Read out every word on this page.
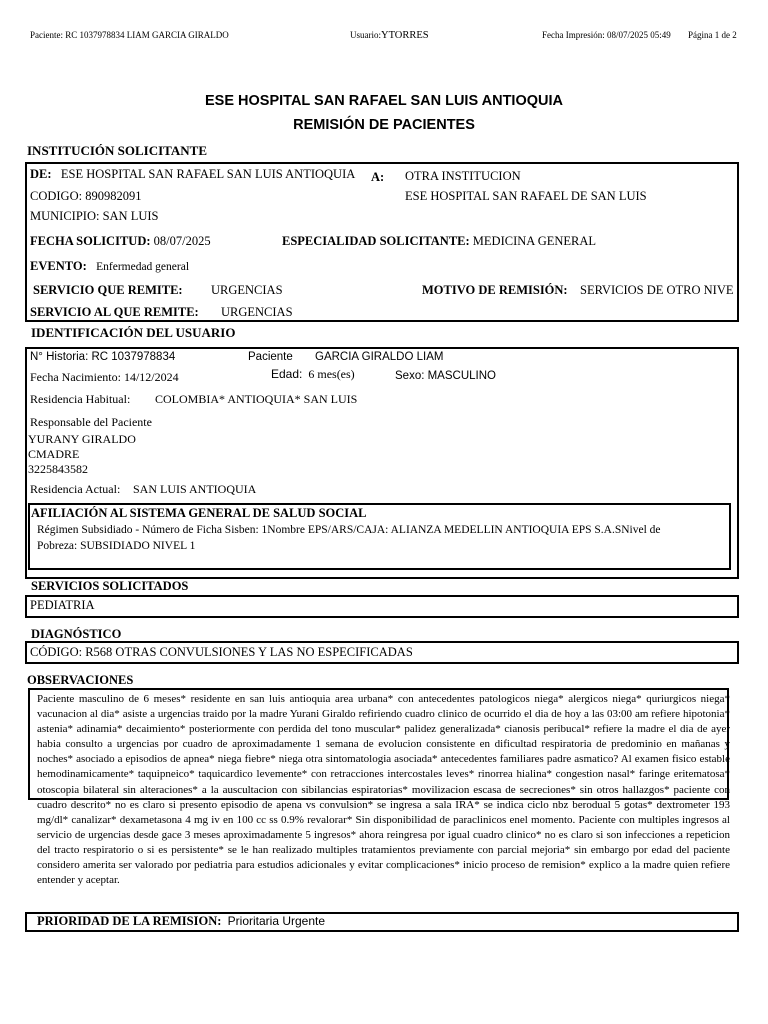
Paciente: RC 1037978834 LIAM GARCIA GIRALDO	Usuario:YTORRES	Fecha Impresión: 08/07/2025 05:49 Página 1 de 2
ESE HOSPITAL SAN RAFAEL SAN LUIS ANTIOQUIA
REMISIÓN DE PACIENTES
INSTITUCIÓN SOLICITANTE
DE: ESE HOSPITAL SAN RAFAEL SAN LUIS ANTIOQUIA A: OTRA INSTITUCION
CODIGO: 890982091	ESE HOSPITAL SAN RAFAEL DE SAN LUIS
MUNICIPIO: SAN LUIS
FECHA SOLICITUD: 08/07/2025	ESPECIALIDAD SOLICITANTE: MEDICINA GENERAL
EVENTO: Enfermedad general
SERVICIO QUE REMITE: URGENCIAS	MOTIVO DE REMISIÓN: SERVICIOS DE OTRO NIVE
SERVICIO AL QUE REMITE: URGENCIAS
IDENTIFICACIÓN DEL USUARIO
N° Historia: RC 1037978834	Paciente GARCIA GIRALDO LIAM
Fecha Nacimiento: 14/12/2024	Edad: 6 mes(es)	Sexo: MASCULINO
Residencia Habitual: COLOMBIA* ANTIOQUIA* SAN LUIS
Responsable del Paciente
YURANY GIRALDO
CMADRE
3225843582
Residencia Actual: SAN LUIS ANTIOQUIA
AFILIACIÓN AL SISTEMA GENERAL DE SALUD SOCIAL
Régimen Subsidiado - Número de Ficha Sisben: 1Nombre EPS/ARS/CAJA: ALIANZA MEDELLIN ANTIOQUIA EPS S.A.SNivel de
Pobreza: SUBSIDIADO NIVEL 1
SERVICIOS SOLICITADOS
PEDIATRIA
DIAGNÓSTICO
CÓDIGO: R568 OTRAS CONVULSIONES Y LAS NO ESPECIFICADAS
OBSERVACIONES
Paciente masculino de 6 meses* residente en san luis antioquia area urbana* con antecedentes patologicos niega* alergicos niega* quriurgicos niega* vacunacion al dia* asiste a urgencias traido por la madre Yurani Giraldo refiriendo cuadro clinico de ocurrido el dia de hoy a las 03:00 am refiere hipotonia* astenia* adinamia* decaimiento* posteriormente con perdida del tono muscular* palidez generalizada* cianosis peribucal* refiere la madre el dia de ayer habia consulto a urgencias por cuadro de aproximadamente 1 semana de evolucion consistente en dificultad respiratoria de predominio en mañanas y noches* asociado a episodios de apnea* niega fiebre* niega otra sintomatologia asociada* antecedentes familiares padre asmatico? Al examen fisico estable hemodinamicamente* taquipneico* taquicardico levemente* con retracciones intercostales leves* rinorrea hialina* congestion nasal* faringe eritematosa* otoscopia bilateral sin alteraciones* a la auscultacion con sibilancias espiratorias* movilizacion escasa de secreciones* sin otros hallazgos* paciente con cuadro descrito* no es claro si presento episodio de apena vs convulsion* se ingresa a sala IRA* se indica ciclo nbz berodual 5 gotas* dextrometer 193 mg/dl* canalizar* dexametasona 4 mg iv en 100 cc ss 0.9% revalorar* Sin disponibilidad de paraclinicos enel momento. Paciente con multiples ingresos al servicio de urgencias desde gace 3 meses aproximadamente 5 ingresos* ahora reingresa por igual cuadro clinico* no es claro si son infecciones a repeticion del tracto respiratorio o si es persistente* se le han realizado multiples tratamientos previamente con parcial mejoria* sin embargo por edad del paciente considero amerita ser valorado por pediatria para estudios adicionales y evitar complicaciones* inicio proceso de remision* explico a la madre quien refiere entender y aceptar.
PRIORIDAD DE LA REMISION: Prioritaria Urgente
